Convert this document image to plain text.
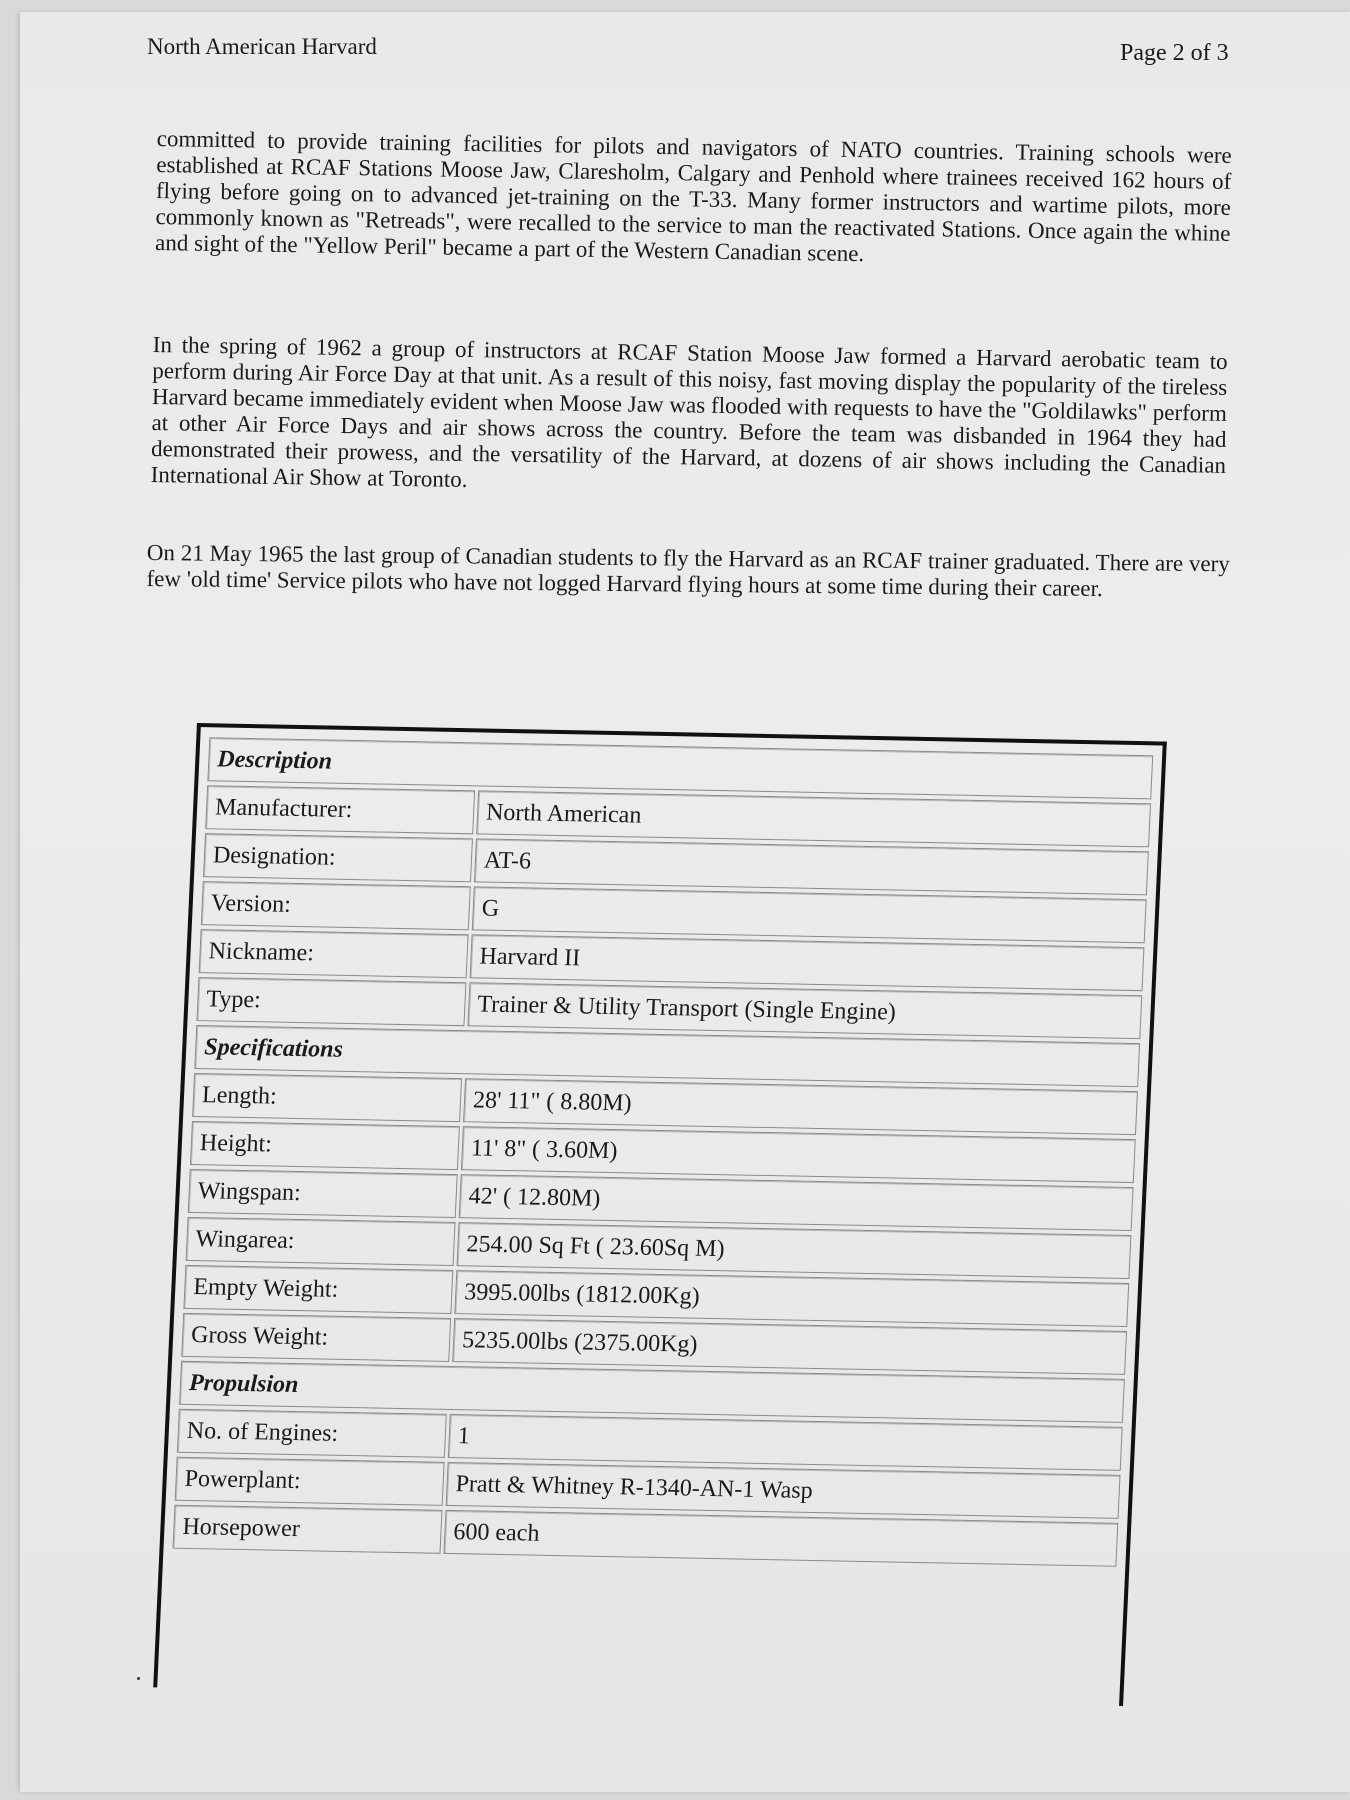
North American Harvard	Page 2 of 3

committed to provide training facilities for pilots and navigators of NATO countries. Training schools were established at RCAF Stations Moose Jaw, Claresholm, Calgary and Penhold where trainees received 162 hours of flying before going on to advanced jet-training on the T-33. Many former instructors and wartime pilots, more commonly known as "Retreads", were recalled to the service to man the reactivated Stations. Once again the whine and sight of the "Yellow Peril" became a part of the Western Canadian scene.

In the spring of 1962 a group of instructors at RCAF Station Moose Jaw formed a Harvard aerobatic team to perform during Air Force Day at that unit. As a result of this noisy, fast moving display the popularity of the tireless Harvard became immediately evident when Moose Jaw was flooded with requests to have the "Goldilawks" perform at other Air Force Days and air shows across the country. Before the team was disbanded in 1964 they had demonstrated their prowess, and the versatility of the Harvard, at dozens of air shows including the Canadian International Air Show at Toronto.

On 21 May 1965 the last group of Canadian students to fly the Harvard as an RCAF trainer graduated. There are very few 'old time' Service pilots who have not logged Harvard flying hours at some time during their career.

Description	
Manufacturer:	North American
Designation:	AT-6
Version:	G
Nickname:	Harvard II
Type:	Trainer & Utility Transport (Single Engine)
Specifications	
Length:	28' 11" ( 8.80M)
Height:	11' 8" ( 3.60M)
Wingspan:	42' ( 12.80M)
Wingarea:	254.00 Sq Ft ( 23.60Sq M)
Empty Weight:	3995.00lbs (1812.00Kg)
Gross Weight:	5235.00lbs (2375.00Kg)
Propulsion	
No. of Engines:	1
Powerplant:	Pratt & Whitney R-1340-AN-1 Wasp
Horsepower	600 each
